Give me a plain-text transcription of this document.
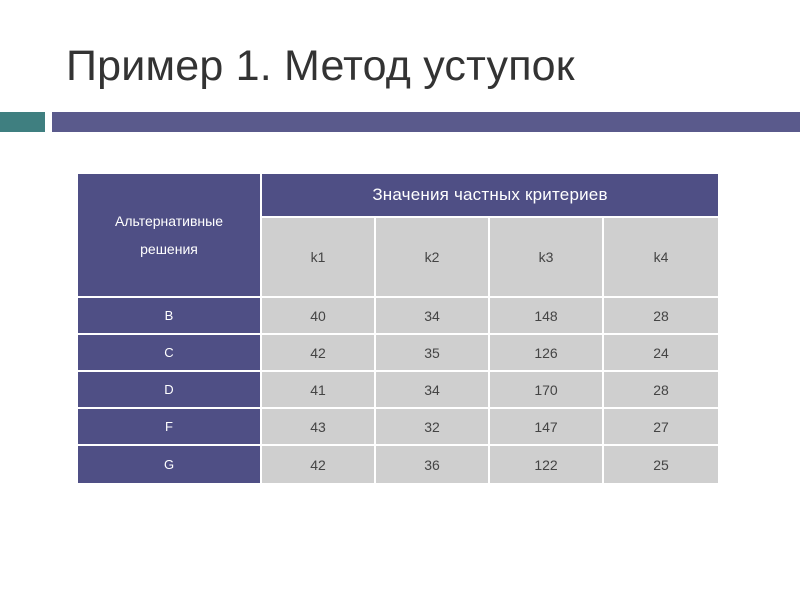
Пример 1. Метод уступок
Альтернативные
решения	Значения частных критериев			
	k1	k2	k3	k4
B	40	34	148	28
C	42	35	126	24
D	41	34	170	28
F	43	32	147	27
G	42	36	122	25
